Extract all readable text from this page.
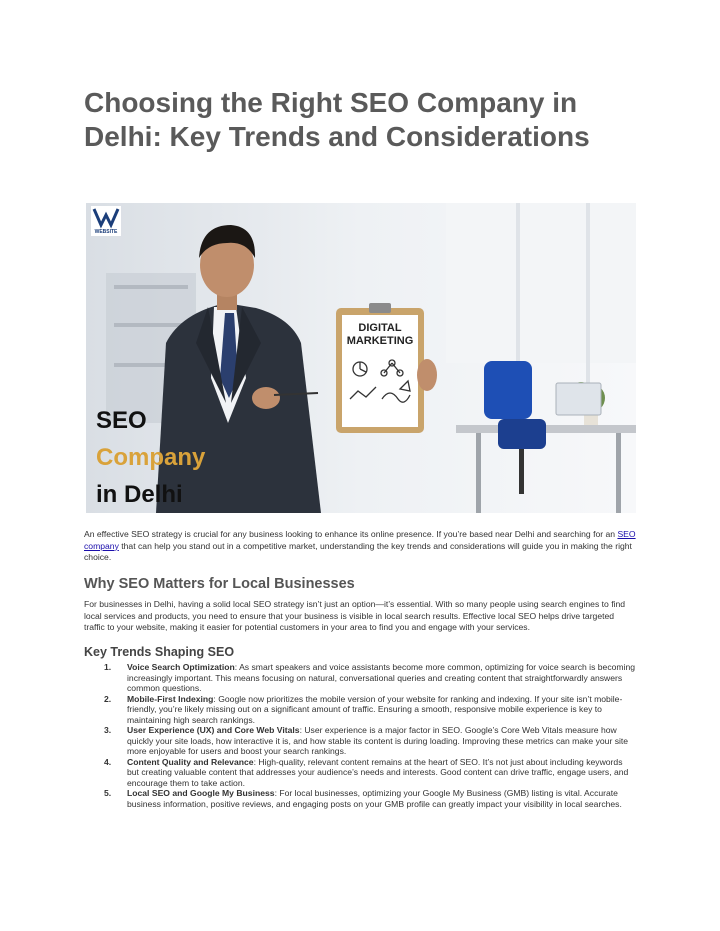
Choosing the Right SEO Company in Delhi: Key Trends and Considerations
DIGITAL
MARKETING
WEBSITE
SEO
Company
in Delhi

An effective SEO strategy is crucial for any business looking to enhance its online presence. If you’re based near Delhi and searching for an SEO company that can help you stand out in a competitive market, understanding the key trends and considerations will guide you in making the right choice.

Why SEO Matters for Local Businesses

For businesses in Delhi, having a solid local SEO strategy isn’t just an option—it’s essential. With so many people using search engines to find local services and products, you need to ensure that your business is visible in local search results. Effective local SEO helps drive targeted traffic to your website, making it easier for potential customers in your area to find you and engage with your services.

Key Trends Shaping SEO
1. Voice Search Optimization: As smart speakers and voice assistants become more common, optimizing for voice search is becoming increasingly important. This means focusing on natural, conversational queries and creating content that straightforwardly answers common questions.
2. Mobile-First Indexing: Google now prioritizes the mobile version of your website for ranking and indexing. If your site isn’t mobile-friendly, you’re likely missing out on a significant amount of traffic. Ensuring a smooth, responsive mobile experience is key to maintaining high search rankings.
3. User Experience (UX) and Core Web Vitals: User experience is a major factor in SEO. Google’s Core Web Vitals measure how quickly your site loads, how interactive it is, and how stable its content is during loading. Improving these metrics can make your site more enjoyable for users and boost your search rankings.
4. Content Quality and Relevance: High-quality, relevant content remains at the heart of SEO. It’s not just about including keywords but creating valuable content that addresses your audience’s needs and interests. Good content can drive traffic, engage users, and encourage them to take action.
5. Local SEO and Google My Business: For local businesses, optimizing your Google My Business (GMB) listing is vital. Accurate business information, positive reviews, and engaging posts on your GMB profile can greatly impact your visibility in local searches.
